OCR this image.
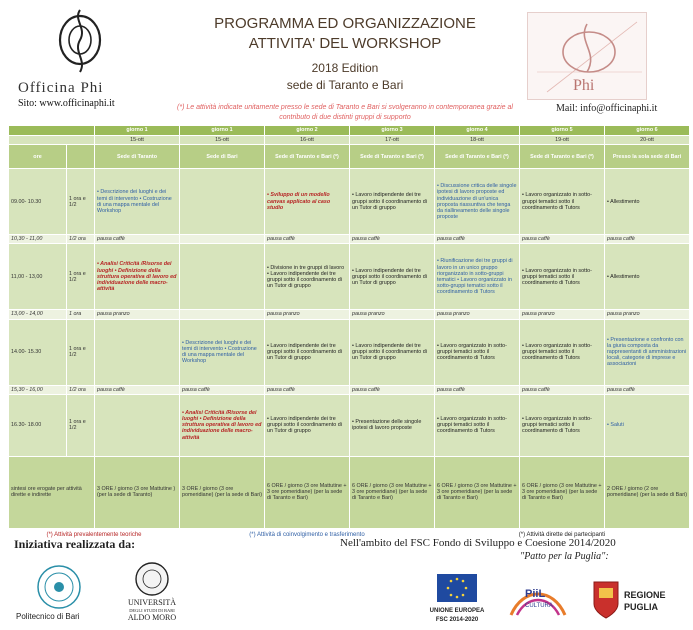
Officina Phi
Sito: www.officinaphi.it
PROGRAMMA ED ORGANIZZAZIONE
ATTIVITA' DEL WORKSHOP
2018 Edition
sede di Taranto e Bari
(*) Le attività indicate unitamente presso le sede di Taranto e Bari si svolgeranno in contemporanea grazie al contributo di due distinti gruppi di supporto
Phi
Mail: info@officinaphi.it
		giorno 1	giorno 1	giorno 2	giorno 3	giorno 4	giorno 5	giorno 6
		15-ott	15-ott	16-ott	17-ott	18-ott	19-ott	20-ott
ore		Sede di Taranto	Sede di Bari	Sede di Taranto e Bari (*)	Sede di Taranto e Bari (*)	Sede di Taranto e Bari (*)	Sede di Taranto e Bari (*)	Presso la sola sede di Bari
09.00- 10.30	1 ora e 1/2	• Descrizione dei luoghi e dei temi di intervento • Costruzione di una mappa mentale del Workshop		• Sviluppo di un modello canvas applicato al caso studio	• Lavoro indipendente dei tre gruppi sotto il coordinamento di un Tutor di gruppo	• Discussione critica delle singole ipotesi di lavoro proposte ed individuazione di un'unica proposta riassuntiva che tenga da riallineamento delle singole proposte	• Lavoro organizzato in sotto-gruppi tematici sotto il coordinamento di Tutors	• Allestimento
10,30 - 11,00	1/2 ora	pausa caffè		pausa caffè	pausa caffè	pausa caffè	pausa caffè	pausa caffè
11,00 - 13,00	1 ora e 1/2	• Analisi Criticità /Risorse dei luoghi • Definizione della struttura operativa di lavoro ed individuazione delle macro-attività		• Divisione in tre gruppi di lavoro • Lavoro indipendente dei tre gruppi sotto il coordinamento di un Tutor di gruppo	• Lavoro indipendente dei tre gruppi sotto il coordinamento di un Tutor di gruppo	• Riunificazione dei tre gruppi di lavoro in un unico gruppo riorganizzato in sotto-gruppi tematici • Lavoro organizzato in sotto-gruppi tematici sotto il coordinamento di Tutors	• Lavoro organizzato in sotto-gruppi tematici sotto il coordinamento di Tutors	• Allestimento
13,00 - 14,00	1 ora	pausa pranzo		pausa pranzo	pausa pranzo	pausa pranzo	pausa pranzo	pausa pranzo
14.00- 15.30	1 ora e 1/2		• Descrizione dei luoghi e dei temi di intervento • Costruzione di una mappa mentale del Workshop	• Lavoro indipendente dei tre gruppi sotto il coordinamento di un Tutor di gruppo	• Lavoro indipendente dei tre gruppi sotto il coordinamento di un Tutor di gruppo	• Lavoro organizzato in sotto-gruppi tematici sotto il coordinamento di Tutors	• Lavoro organizzato in sotto-gruppi tematici sotto il coordinamento di Tutors	• Presentazione e confronto con la giuria composta da rappresentanti di amministrazioni locali, categorie di imprese e associazioni
15,30 - 16,00	1/2 ora	pausa caffè	pausa caffè	pausa caffè	pausa caffè	pausa caffè	pausa caffè	pausa caffè
16.30- 18.00	1 ora e 1/2		• Analisi Criticità /Risorse dei luoghi • Definizione della struttura operativa di lavoro ed individuazione delle macro-attività	• Lavoro indipendente dei tre gruppi sotto il coordinamento di un Tutor di gruppo	• Presentazione delle singole ipotesi di lavoro proposte	• Lavoro organizzato in sotto-gruppi tematici sotto il coordinamento di Tutors	• Lavoro organizzato in sotto-gruppi tematici sotto il coordinamento di Tutors	• Saluti
sintesi ore erogate per attività dirette e indirette		3 ORE / giorno (3 ore Mattutine ) (per la sede di Taranto)	3 ORE / giorno (3 ore pomeridiane) (per la sede di Bari)	6 ORE / giorno (3 ore Mattutine + 3 ore pomeridiane) (per la sede di Taranto e Bari)	6 ORE / giorno (3 ore Mattutine + 3 ore pomeridiane) (per la sede di Taranto e Bari)	6 ORE / giorno (3 ore Mattutine + 3 ore pomeridiane) (per la sede di Taranto e Bari)	6 ORE / giorno (3 ore Mattutine + 3 ore pomeridiane) (per la sede di Taranto e Bari)	2 ORE / giorno (2 ore pomeridiane) (per la sede di Bari)
(*) Attività prevalentemente teoriche			(*) Attività di coinvolgimento e trasferimento			(*) Attività dirette dei partecipanti		
Iniziativa realizzata da:	Nell'ambito del FSC Fondo di Sviluppo e Coesione 2014/2020
"Patto per la Puglia":
Politecnico di Bari
UNIVERSITÀ
DEGLI STUDI DI BARI
ALDO MORO
UNIONE EUROPEA
FSC 2014-2020
PiiL
CULTURA
REGIONE
PUGLIA
